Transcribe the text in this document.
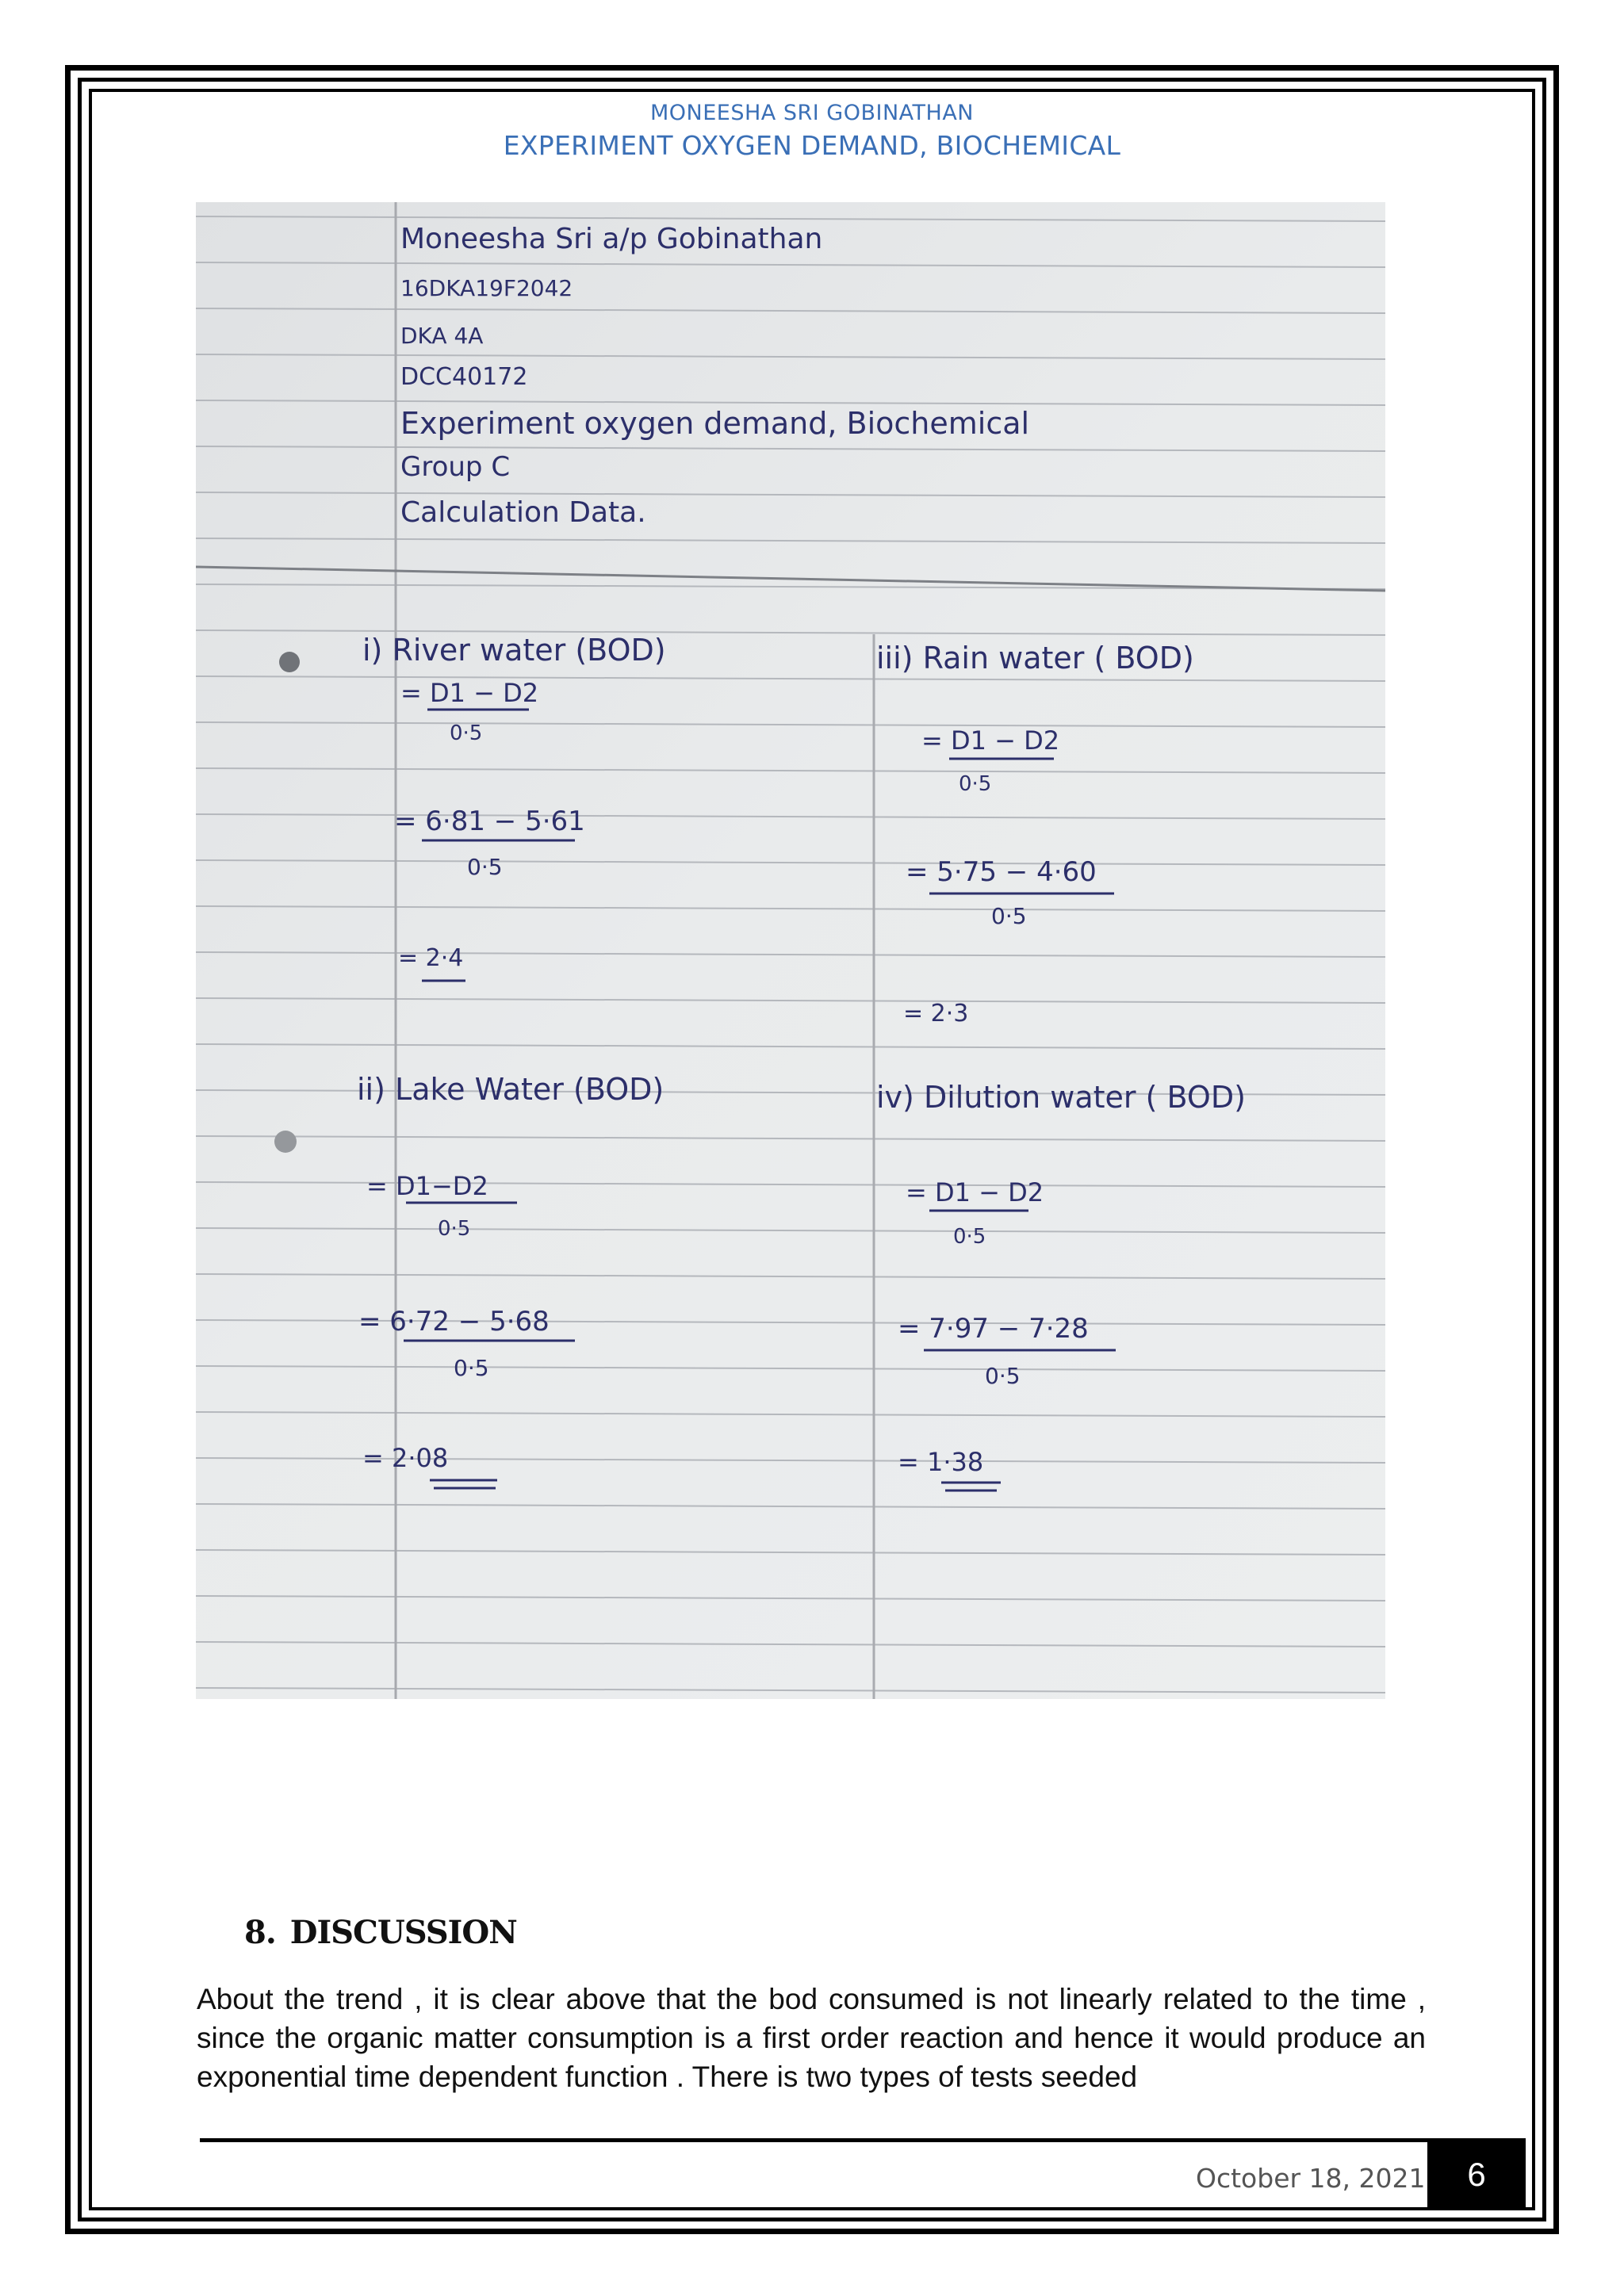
MONEESHA SRI GOBINATHAN
EXPERIMENT OXYGEN DEMAND, BIOCHEMICAL
Moneesha Sri a/p Gobinathan
16DKA19F2042
DKA 4A
DCC40172
Experiment oxygen demand, Biochemical
Group C
Calculation Data.
i) River water (BOD)
= D1 − D2
0·5
= 6·81 − 5·61
0·5
= 2·4
iii) Rain water ( BOD)
= D1 − D2
0·5
= 5·75 − 4·60
0·5
= 2·3
ii) Lake Water (BOD)
= D1−D2
0·5
= 6·72 − 5·68
0·5
= 2·08
iv) Dilution water ( BOD)
= D1 − D2
0·5
= 7·97 − 7·28
0·5
= 1·38
8. DISCUSSION
About the trend , it is clear above that the bod consumed is not linearly related to the time , since the organic matter consumption is a first order reaction and hence it would produce an exponential time dependent function . There is two types of tests seeded
October 18, 2021	6
